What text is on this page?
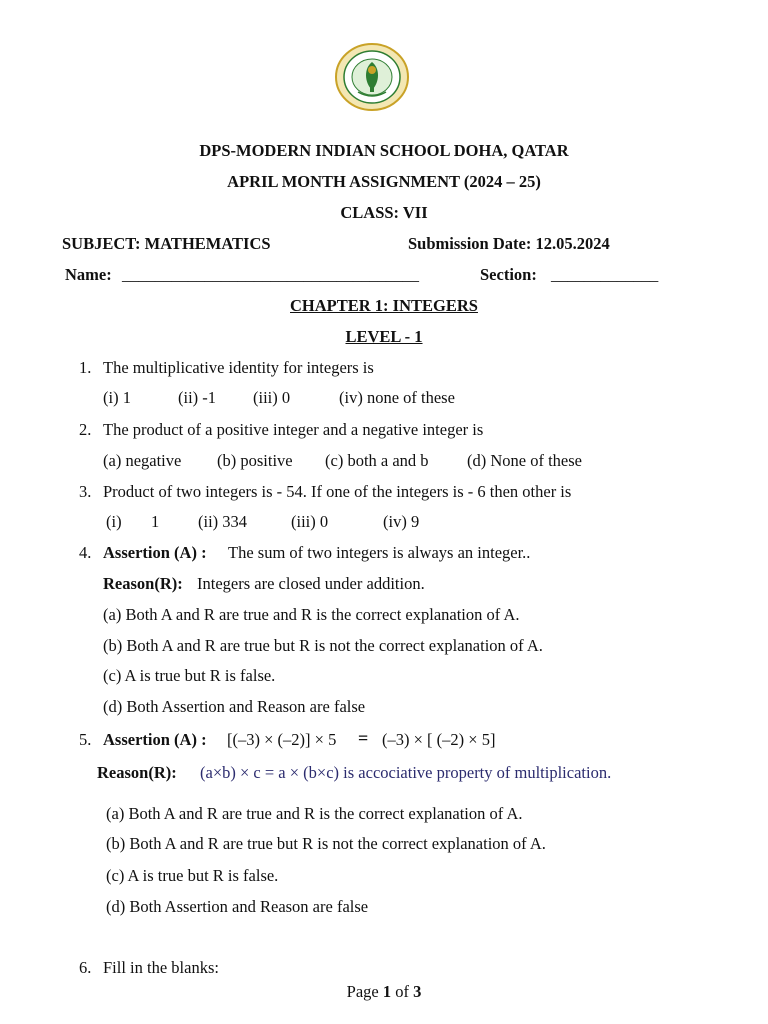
DPS-MODERN INDIAN SCHOOL DOHA, QATAR
APRIL MONTH ASSIGNMENT (2024 – 25)
CLASS: VII
SUBJECT: MATHEMATICS	Submission Date: 12.05.2024
Name: ____________________________________	Section: _____________
CHAPTER 1: INTEGERS
LEVEL - 1
1. The multiplicative identity for integers is
(i) 1	(ii) -1 (iii) 0	(iv) none of these
2. The product of a positive integer and a negative integer is
(a) negative (b) positive (c) both a and b (d) None of these
3. Product of two integers is - 54. If one of the integers is - 6 then other is
(i) 1 (ii) 334	(iii) 0	(iv) 9
4. Assertion (A) : The sum of two integers is always an integer..
Reason(R): Integers are closed under addition.
(a) Both A and R are true and R is the correct explanation of A.
(b) Both A and R are true but R is not the correct explanation of A.
(c) A is true but R is false.
(d) Both Assertion and Reason are false
5. Assertion (A) : [(–3) × (–2)] × 5 = (–3) × [ (–2) × 5]
Reason(R): (a×b) × c = a × (b×c) is accociative property of multiplication.
(a) Both A and R are true and R is the correct explanation of A.
(b) Both A and R are true but R is not the correct explanation of A.
(c) A is true but R is false.
(d) Both Assertion and Reason are false
6. Fill in the blanks:
Page 1 of 3
